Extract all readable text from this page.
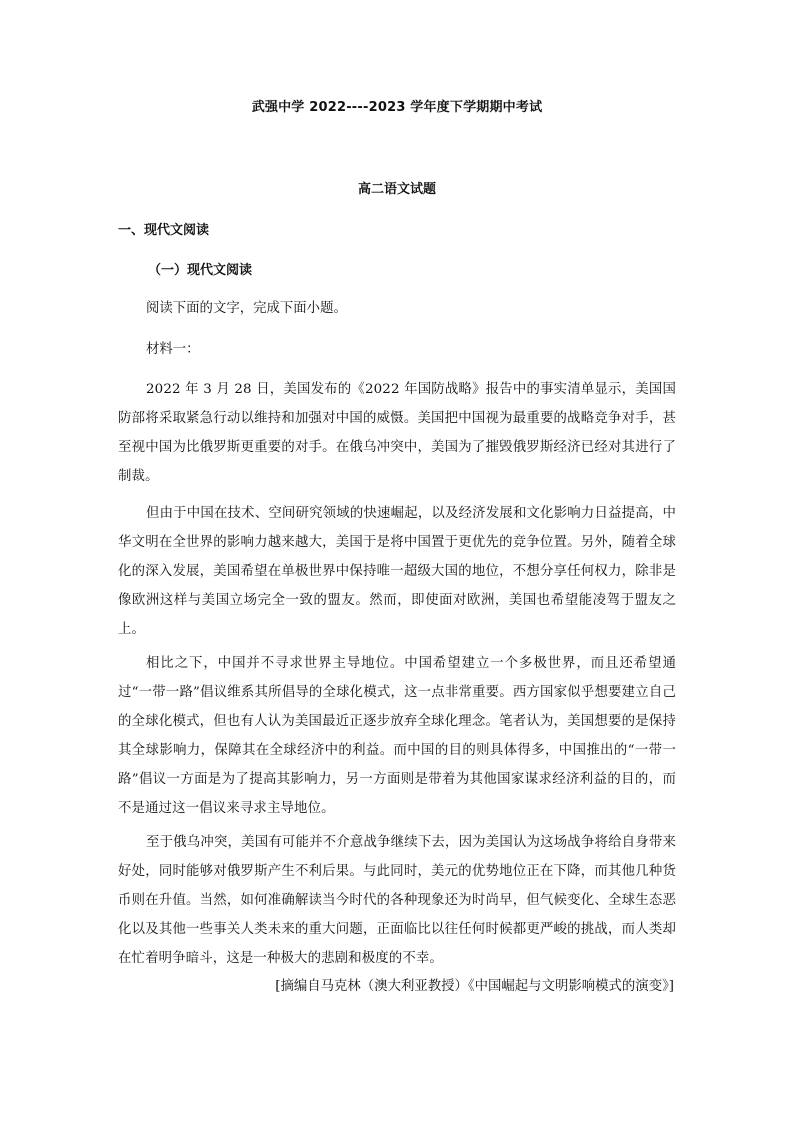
武强中学 2022----2023 学年度下学期期中考试
高二语文试题
一、现代文阅读
（一）现代文阅读

阅读下面的文字，完成下面小题。

材料一：

2022 年 3 月 28 日，美国发布的《2022 年国防战略》报告中的事实清单显示，美国国防部将采取紧急行动以维持和加强对中国的威慑。美国把中国视为最重要的战略竞争对手，甚至视中国为比俄罗斯更重要的对手。在俄乌冲突中，美国为了摧毁俄罗斯经济已经对其进行了制裁。

但由于中国在技术、空间研究领域的快速崛起，以及经济发展和文化影响力日益提高，中华文明在全世界的影响力越来越大，美国于是将中国置于更优先的竞争位置。另外，随着全球化的深入发展，美国希望在单极世界中保持唯一超级大国的地位，不想分享任何权力，除非是像欧洲这样与美国立场完全一致的盟友。然而，即使面对欧洲，美国也希望能凌驾于盟友之上。

相比之下，中国并不寻求世界主导地位。中国希望建立一个多极世界，而且还希望通过“一带一路”倡议维系其所倡导的全球化模式，这一点非常重要。西方国家似乎想要建立自己的全球化模式，但也有人认为美国最近正逐步放弃全球化理念。笔者认为，美国想要的是保持其全球影响力，保障其在全球经济中的利益。而中国的目的则具体得多，中国推出的“一带一路”倡议一方面是为了提高其影响力，另一方面则是带着为其他国家谋求经济利益的目的，而不是通过这一倡议来寻求主导地位。

至于俄乌冲突，美国有可能并不介意战争继续下去，因为美国认为这场战争将给自身带来好处，同时能够对俄罗斯产生不利后果。与此同时，美元的优势地位正在下降，而其他几种货币则在升值。当然，如何准确解读当今时代的各种现象还为时尚早，但气候变化、全球生态恶化以及其他一些事关人类未来的重大问题，正面临比以往任何时候都更严峻的挑战，而人类却在忙着明争暗斗，这是一种极大的悲剧和极度的不幸。

[摘编自马克林（澳大利亚教授）《中国崛起与文明影响模式的演变》]
